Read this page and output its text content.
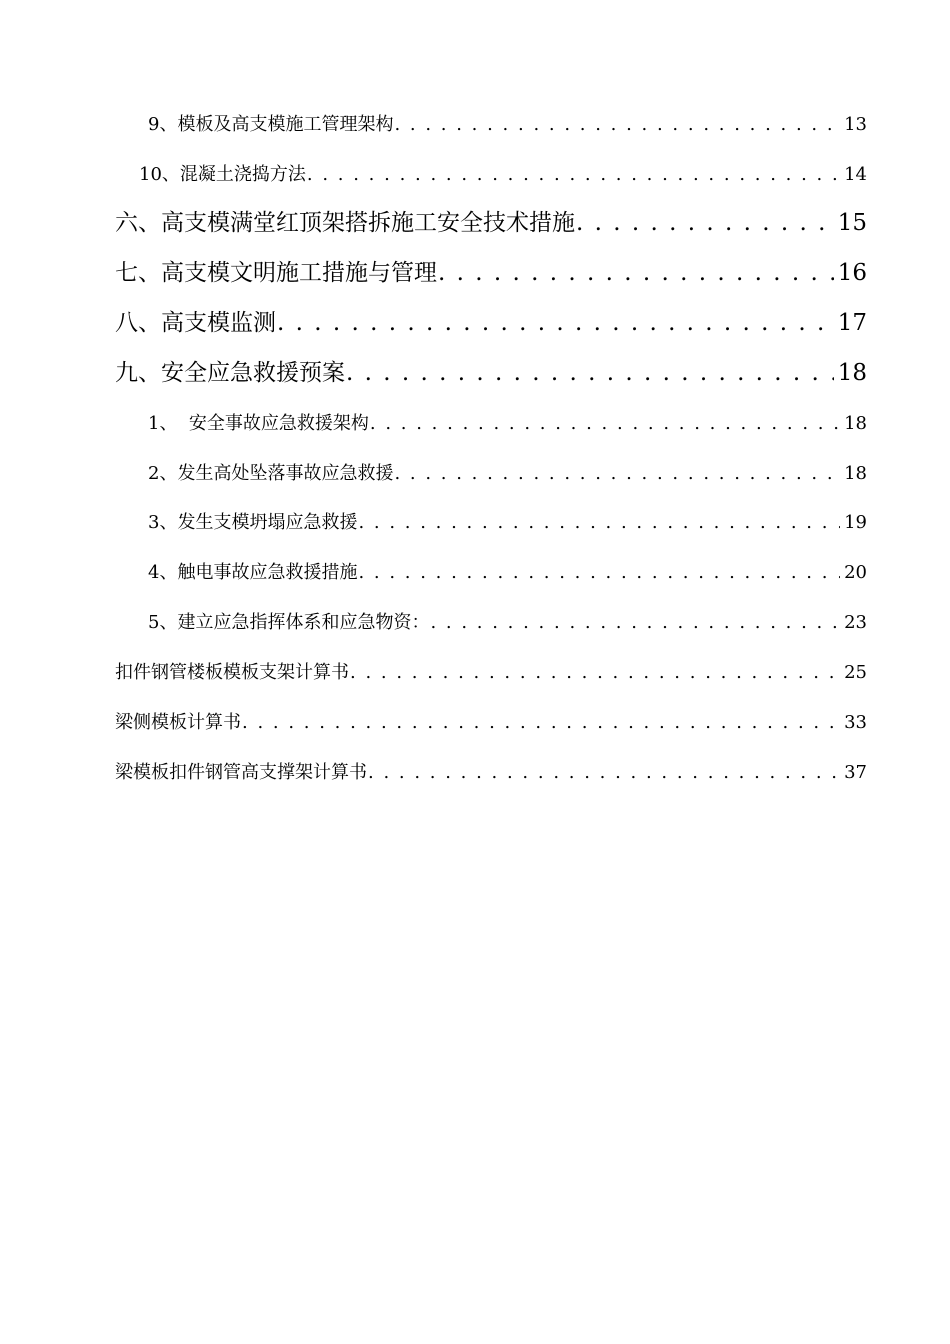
9、模板及高支模施工管理架构 . . .	13
10、混凝土浇捣方法 . . .	14
六、高支模满堂红顶架搭拆施工安全技术措施 . . .	15
七、高支模文明施工措施与管理 . . .	16
八、高支模监测 . . .	17
九、安全应急救援预案 . . .	18
1、  安全事故应急救援架构 . . .	18
2、发生高处坠落事故应急救援 . . .	18
3、发生支模坍塌应急救援 . . .	19
4、触电事故应急救援措施 . . .	20
5、建立应急指挥体系和应急物资： . . .	23
扣件钢管楼板模板支架计算书 . . .	25
梁侧模板计算书 . . .	33
梁模板扣件钢管高支撑架计算书 . . .	37
